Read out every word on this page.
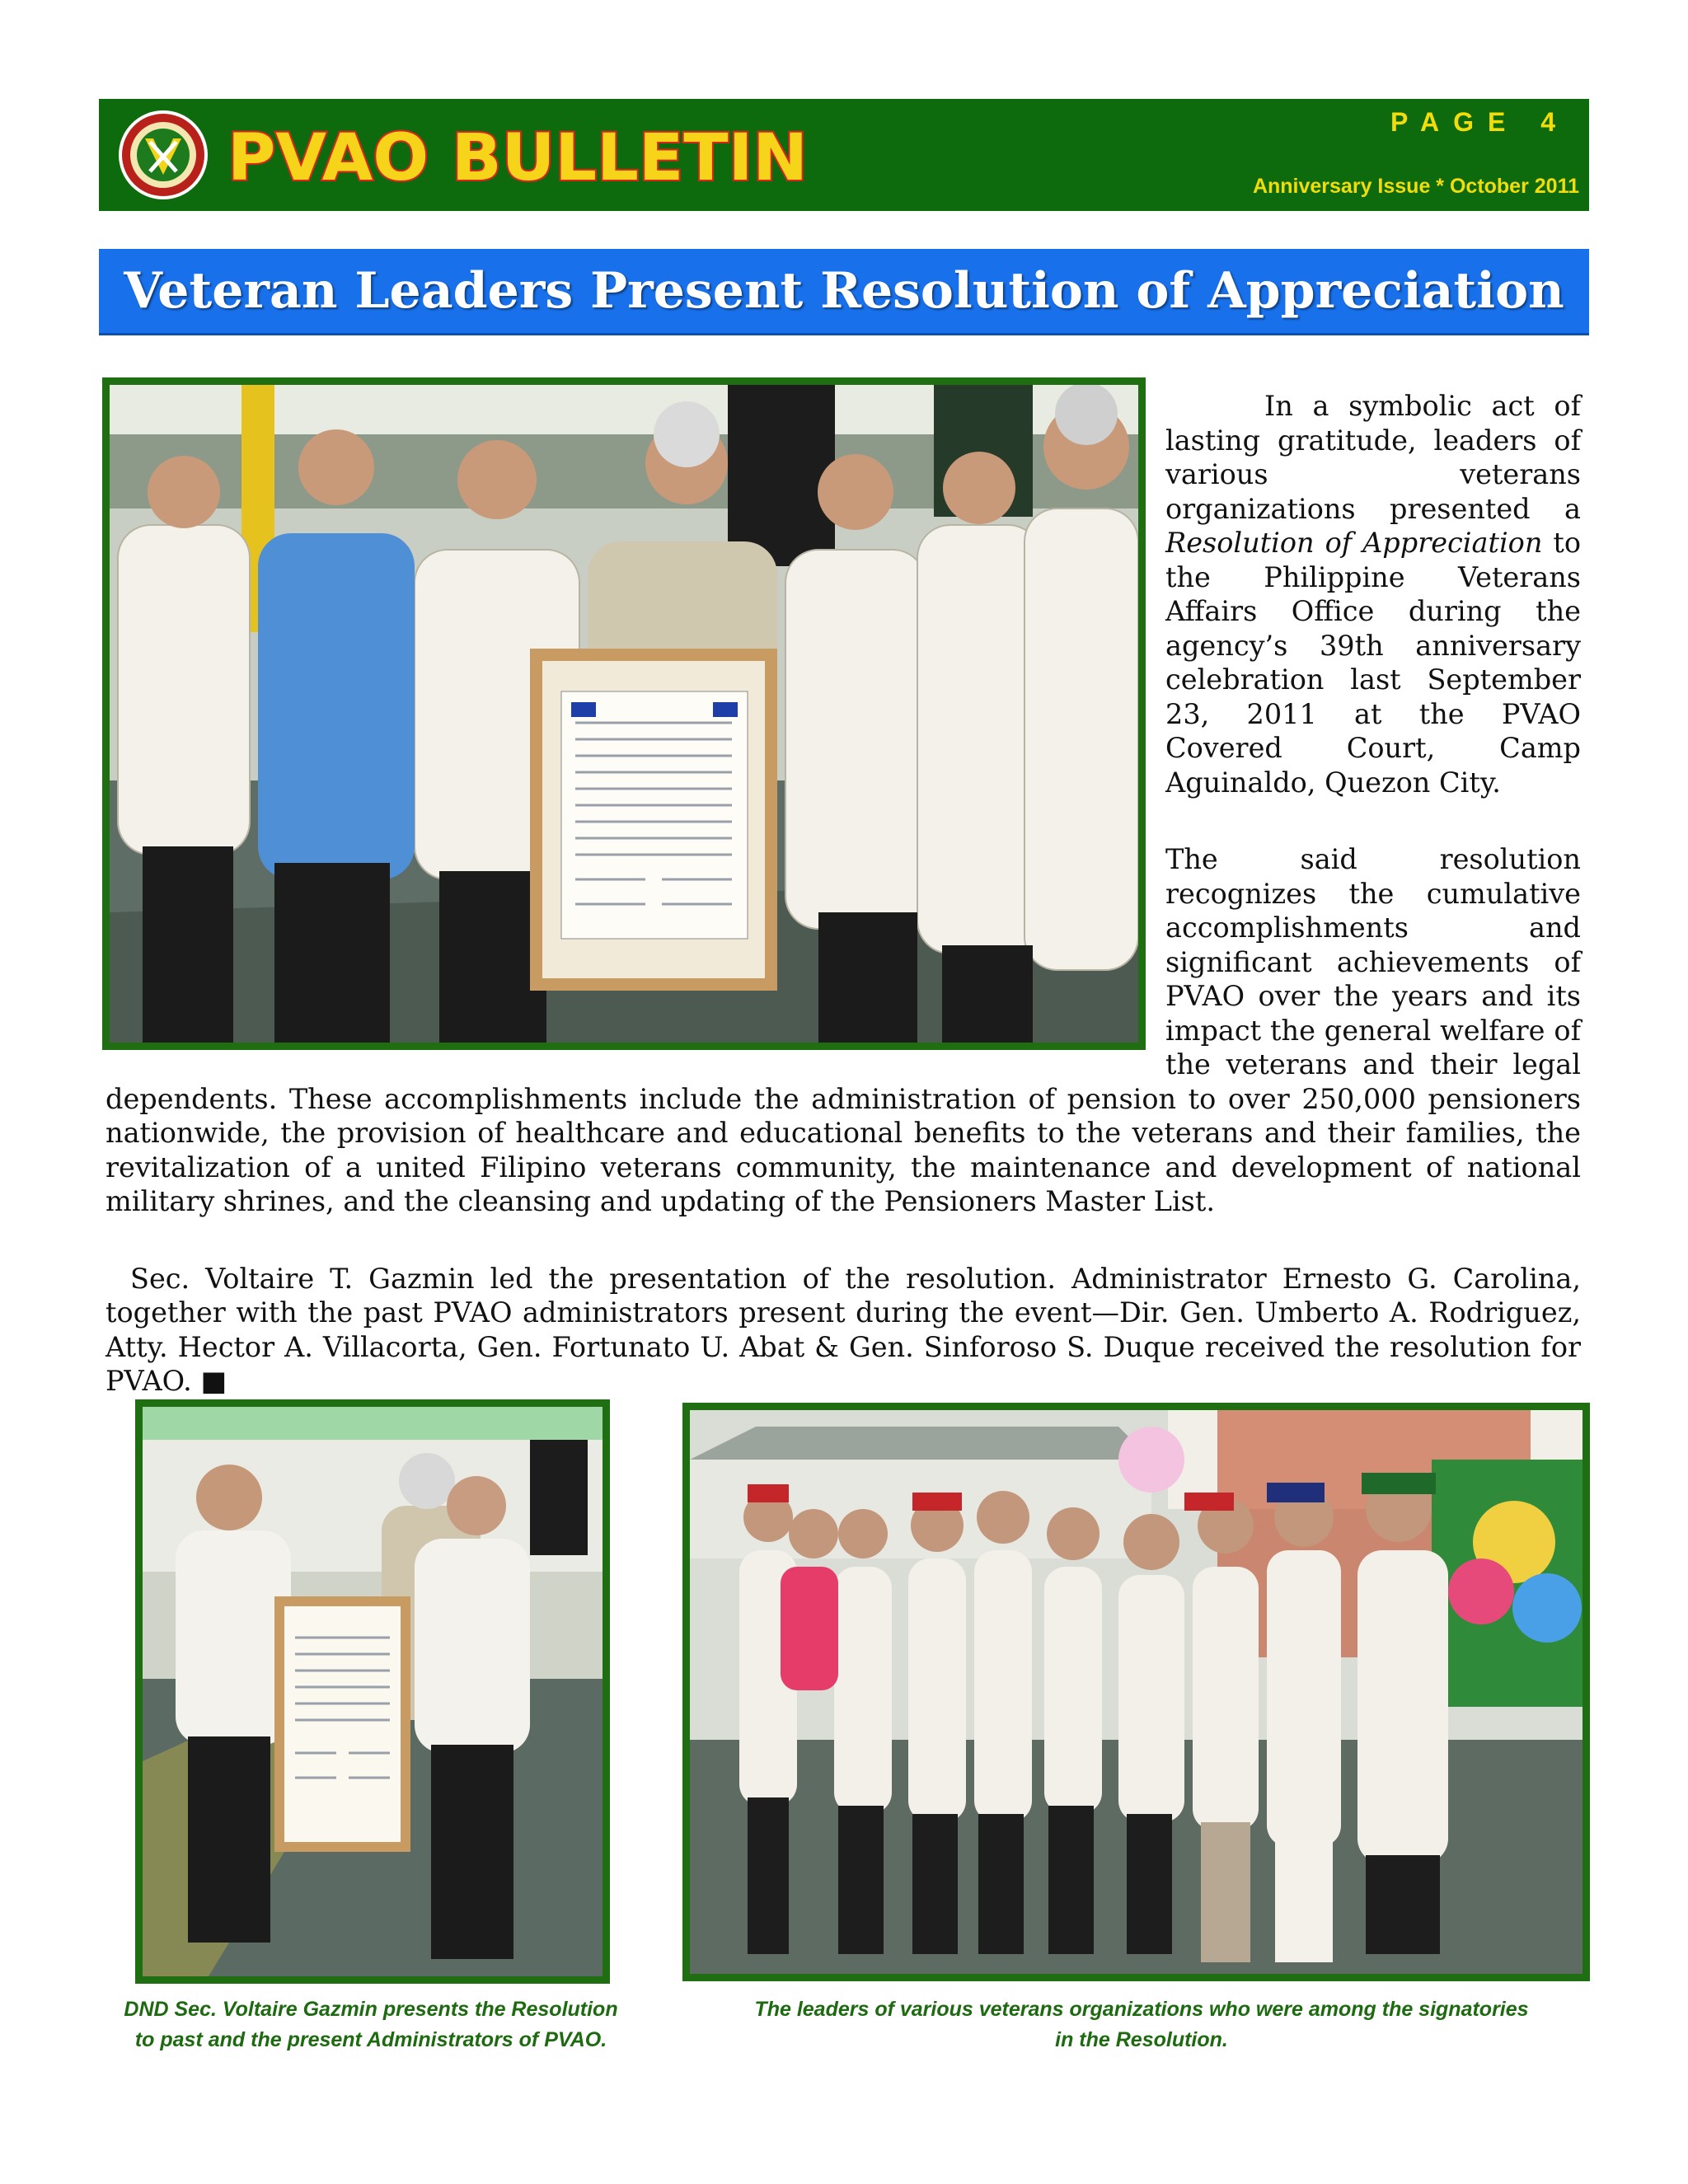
PVAO BULLETIN	PAGE 4

Anniversary Issue * October 2011

Veteran Leaders Present Resolution of Appreciation

In a symbolic act of lasting gratitude, leaders of various veterans organizations presented a Resolution of Appreciation to the Philippine Veterans Affairs Office during the agency’s 39th anniversary celebration last September 23, 2011 at the PVAO Covered Court, Camp Aguinaldo, Quezon City.

The said resolution recognizes the cumulative accomplishments and significant achievements of PVAO over the years and its impact the general welfare of the veterans and their legal dependents. These accomplishments include the administration of pension to over 250,000 pensioners nationwide, the provision of healthcare and educational benefits to the veterans and their families, the revitalization of a united Filipino veterans community, the maintenance and development of national military shrines, and the cleansing and updating of the Pensioners Master List.

Sec. Voltaire T. Gazmin led the presentation of the resolution. Administrator Ernesto G. Carolina, together with the past PVAO administrators present during the event—Dir. Gen. Umberto A. Rodriguez, Atty. Hector A. Villacorta, Gen. Fortunato U. Abat & Gen. Sinforoso S. Duque received the resolution for PVAO. ■

DND Sec. Voltaire Gazmin presents the Resolution

to past and the present Administrators of PVAO.

The leaders of various veterans organizations who were among the signatories

in the Resolution.
